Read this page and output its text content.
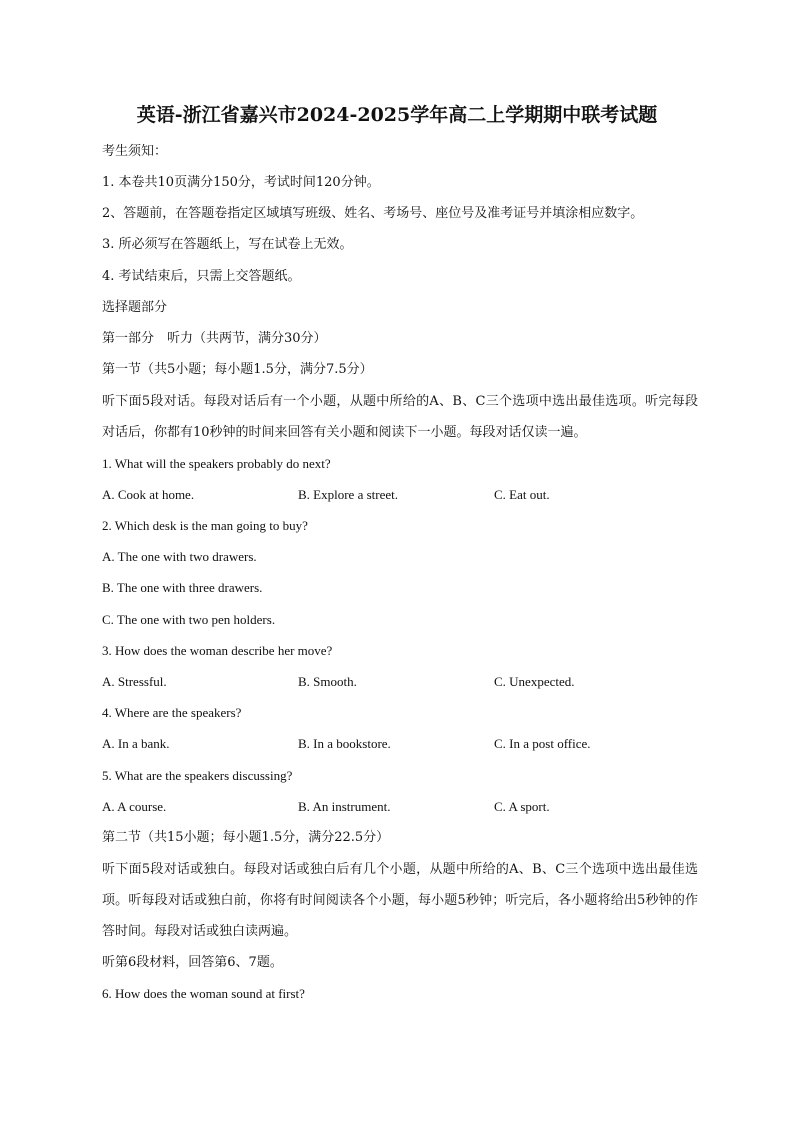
英语-浙江省嘉兴市2024-2025学年高二上学期期中联考试题
考生须知：
1. 本卷共10页满分150分，考试时间120分钟。
2、答题前，在答题卷指定区域填写班级、姓名、考场号、座位号及准考证号并填涂相应数字。
3. 所必须写在答题纸上，写在试卷上无效。
4. 考试结束后，只需上交答题纸。
选择题部分
第一部分　听力（共两节，满分30分）
第一节（共5小题；每小题1.5分，满分7.5分）
听下面5段对话。每段对话后有一个小题，从题中所给的A、B、C三个选项中选出最佳选项。听完每段对话后，你都有10秒钟的时间来回答有关小题和阅读下一小题。每段对话仅读一遍。
1. What will the speakers probably do next?
A. Cook at home.	B. Explore a street.	C. Eat out.
2. Which desk is the man going to buy?
A. The one with two drawers.
B. The one with three drawers.
C. The one with two pen holders.
3. How does the woman describe her move?
A. Stressful.	B. Smooth.	C. Unexpected.
4. Where are the speakers?
A. In a bank.	B. In a bookstore.	C. In a post office.
5. What are the speakers discussing?
A. A course.	B. An instrument.	C. A sport.
第二节（共15小题；每小题1.5分，满分22.5分）
听下面5段对话或独白。每段对话或独白后有几个小题，从题中所给的A、B、C三个选项中选出最佳选项。听每段对话或独白前，你将有时间阅读各个小题，每小题5秒钟；听完后，各小题将给出5秒钟的作答时间。每段对话或独白读两遍。
听第6段材料，回答第6、7题。
6. How does the woman sound at first?
